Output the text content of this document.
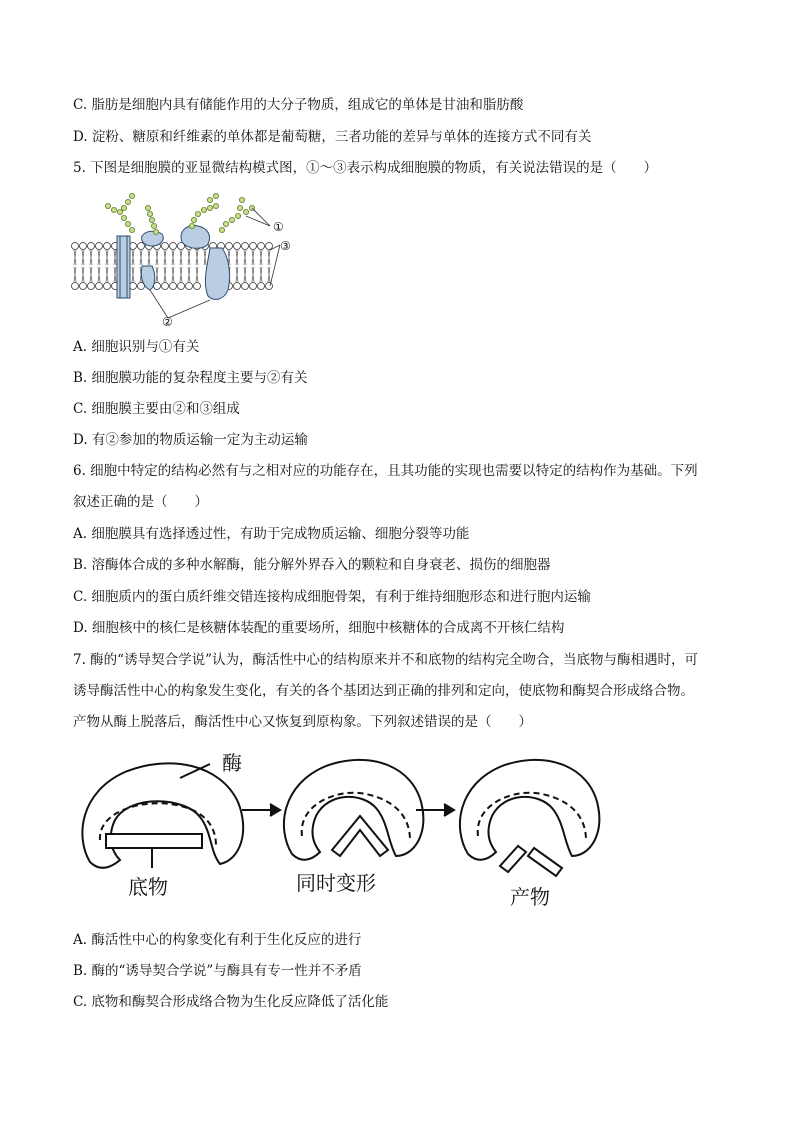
C. 脂肪是细胞内具有储能作用的大分子物质，组成它的单体是甘油和脂肪酸
D. 淀粉、糖原和纤维素的单体都是葡萄糖，三者功能的差异与单体的连接方式不同有关
5. 下图是细胞膜的亚显微结构模式图，①～③表示构成细胞膜的物质，有关说法错误的是（　　）
①
③
②
A. 细胞识别与①有关
B. 细胞膜功能的复杂程度主要与②有关
C. 细胞膜主要由②和③组成
D. 有②参加的物质运输一定为主动运输
6. 细胞中特定的结构必然有与之相对应的功能存在，且其功能的实现也需要以特定的结构作为基础。下列
叙述正确的是（　　）
A. 细胞膜具有选择透过性，有助于完成物质运输、细胞分裂等功能
B. 溶酶体合成的多种水解酶，能分解外界吞入的颗粒和自身衰老、损伤的细胞器
C. 细胞质内的蛋白质纤维交错连接构成细胞骨架，有利于维持细胞形态和进行胞内运输
D. 细胞核中的核仁是核糖体装配的重要场所，细胞中核糖体的合成离不开核仁结构
7. 酶的“诱导契合学说”认为，酶活性中心的结构原来并不和底物的结构完全吻合，当底物与酶相遇时，可
诱导酶活性中心的构象发生变化，有关的各个基团达到正确的排列和定向，使底物和酶契合形成络合物。
产物从酶上脱落后，酶活性中心又恢复到原构象。下列叙述错误的是（　　）
酶
底物	同时变形
产物
A. 酶活性中心的构象变化有利于生化反应的进行
B. 酶的“诱导契合学说”与酶具有专一性并不矛盾
C. 底物和酶契合形成络合物为生化反应降低了活化能
